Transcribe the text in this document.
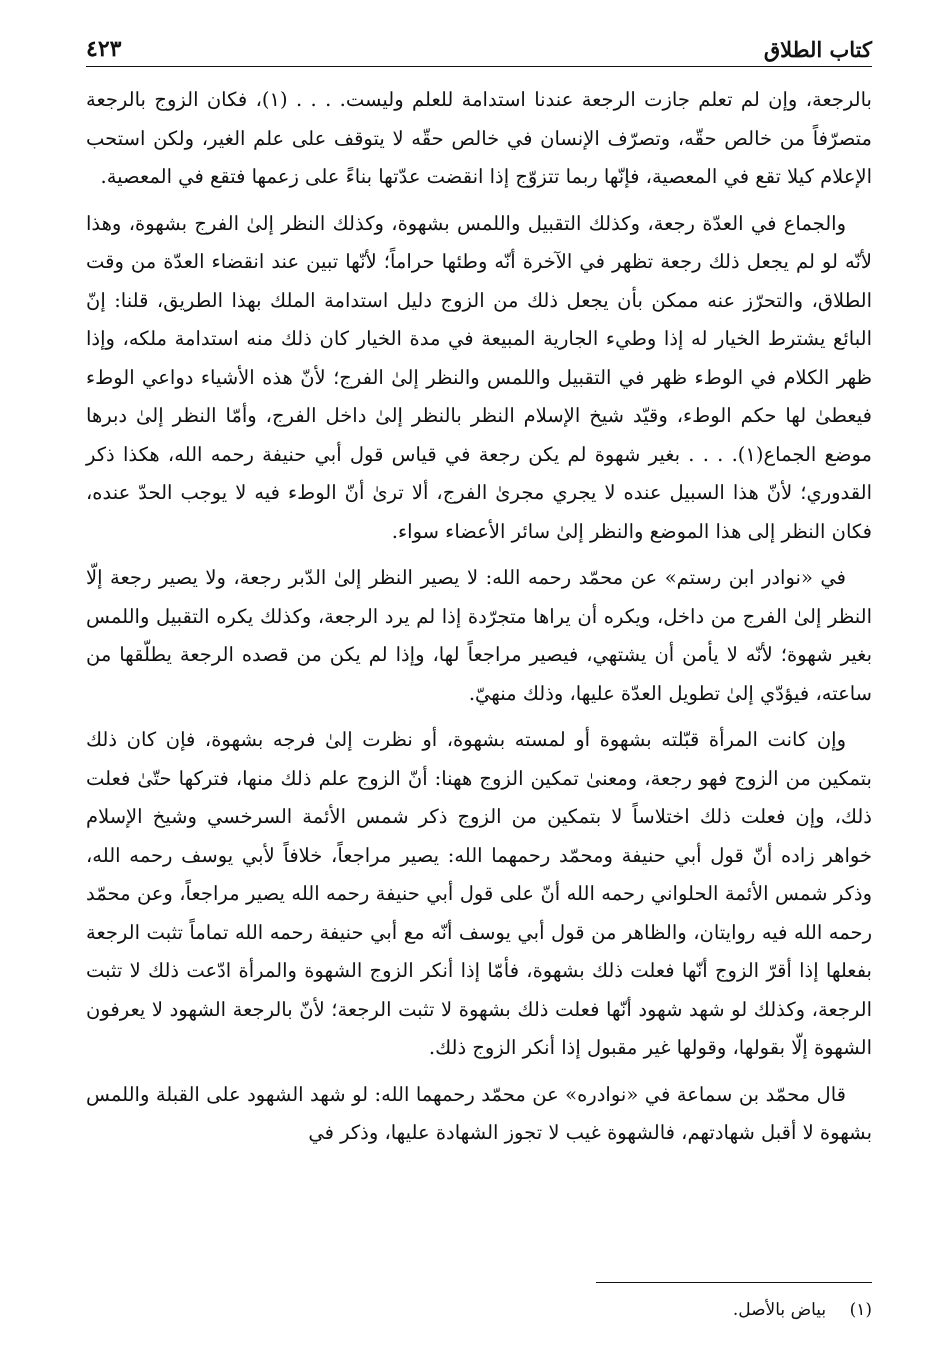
كتاب الطلاق
٤٢٣

بالرجعة، وإن لم تعلم جازت الرجعة عندنا استدامة للعلم وليست. . . . (١)، فكان الزوج بالرجعة متصرّفاً من خالص حقّه، وتصرّف الإنسان في خالص حقّه لا يتوقف على علم الغير، ولكن استحب الإعلام كيلا تقع في المعصية، فإنّها ربما تتزوّج إذا انقضت عدّتها بناءً على زعمها فتقع في المعصية.

والجماع في العدّة رجعة، وكذلك التقبيل واللمس بشهوة، وكذلك النظر إلىٰ الفرج بشهوة، وهذا لأنّه لو لم يجعل ذلك رجعة تظهر في الآخرة أنّه وطئها حراماً؛ لأنّها تبين عند انقضاء العدّة من وقت الطلاق، والتحرّز عنه ممكن بأن يجعل ذلك من الزوج دليل استدامة الملك بهذا الطريق، قلنا: إنّ البائع يشترط الخيار له إذا وطيء الجارية المبيعة في مدة الخيار كان ذلك منه استدامة ملكه، وإذا ظهر الكلام في الوطء ظهر في التقبيل واللمس والنظر إلىٰ الفرج؛ لأنّ هذه الأشياء دواعي الوطء فيعطىٰ لها حكم الوطء، وقيّد شيخ الإسلام النظر بالنظر إلىٰ داخل الفرج، وأمّا النظر إلىٰ دبرها موضع الجماع(١). . . . بغير شهوة لم يكن رجعة في قياس قول أبي حنيفة رحمه الله، هكذا ذكر القدوري؛ لأنّ هذا السبيل عنده لا يجري مجرىٰ الفرج، ألا ترىٰ أنّ الوطء فيه لا يوجب الحدّ عنده، فكان النظر إلى هذا الموضع والنظر إلىٰ سائر الأعضاء سواء.

في «نوادر ابن رستم» عن محمّد رحمه الله: لا يصير النظر إلىٰ الدّبر رجعة، ولا يصير رجعة إلّا النظر إلىٰ الفرج من داخل، ويكره أن يراها متجرّدة إذا لم يرد الرجعة، وكذلك يكره التقبيل واللمس بغير شهوة؛ لأنّه لا يأمن أن يشتهي، فيصير مراجعاً لها، وإذا لم يكن من قصده الرجعة يطلّقها من ساعته، فيؤدّي إلىٰ تطويل العدّة عليها، وذلك منهيّ.

وإن كانت المرأة قبّلته بشهوة أو لمسته بشهوة، أو نظرت إلىٰ فرجه بشهوة، فإن كان ذلك بتمكين من الزوج فهو رجعة، ومعنىٰ تمكين الزوج ههنا: أنّ الزوج علم ذلك منها، فتركها حتّىٰ فعلت ذلك، وإن فعلت ذلك اختلاساً لا بتمكين من الزوج ذكر شمس الأئمة السرخسي وشيخ الإسلام خواهر زاده أنّ قول أبي حنيفة ومحمّد رحمهما الله: يصير مراجعاً، خلافاً لأبي يوسف رحمه الله، وذكر شمس الأئمة الحلواني رحمه الله أنّ على قول أبي حنيفة رحمه الله يصير مراجعاً، وعن محمّد رحمه الله فيه روايتان، والظاهر من قول أبي يوسف أنّه مع أبي حنيفة رحمه الله تماماً تثبت الرجعة بفعلها إذا أقرّ الزوج أنّها فعلت ذلك بشهوة، فأمّا إذا أنكر الزوج الشهوة والمرأة ادّعت ذلك لا تثبت الرجعة، وكذلك لو شهد شهود أنّها فعلت ذلك بشهوة لا تثبت الرجعة؛ لأنّ بالرجعة الشهود لا يعرفون الشهوة إلّا بقولها، وقولها غير مقبول إذا أنكر الزوج ذلك.

قال محمّد بن سماعة في «نوادره» عن محمّد رحمهما الله: لو شهد الشهود على القبلة واللمس بشهوة لا أقبل شهادتهم، فالشهوة غيب لا تجوز الشهادة عليها، وذكر في

(١) بياض بالأصل.
